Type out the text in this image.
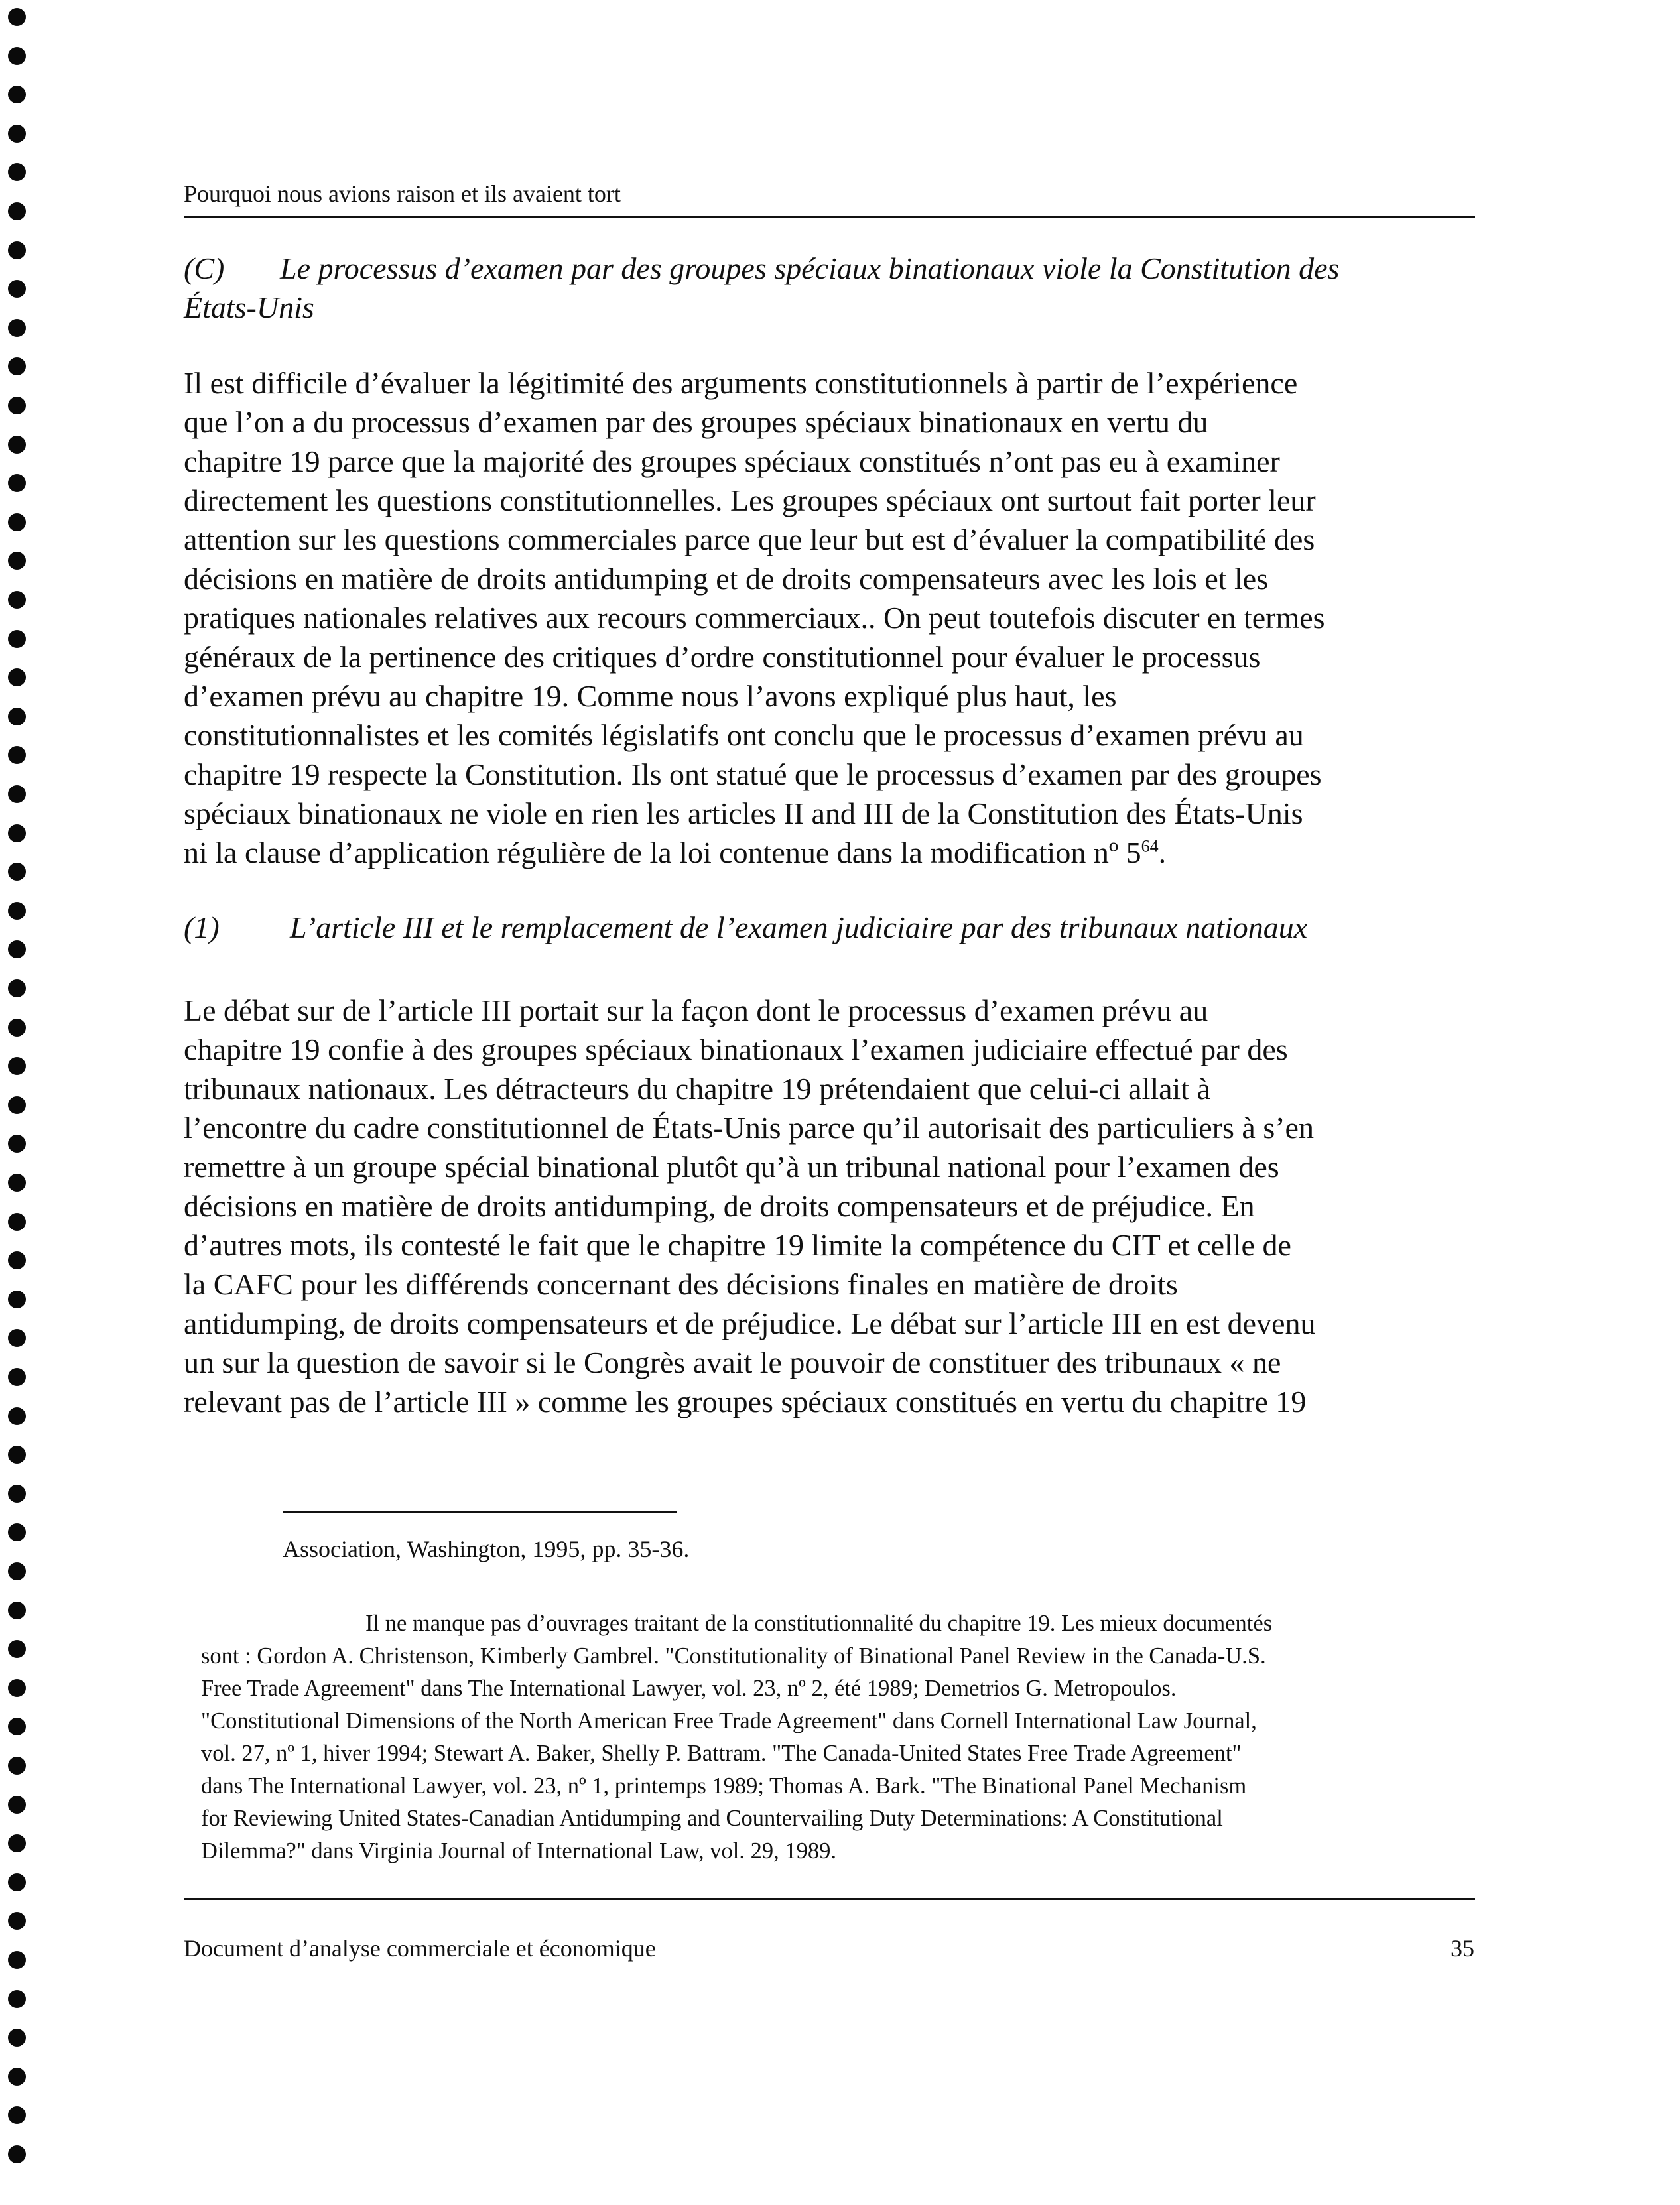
Pourquoi nous avions raison et ils avaient tort

(C) Le processus d’examen par des groupes spéciaux binationaux viole la Constitution des

États-Unis

Il est difficile d’évaluer la légitimité des arguments constitutionnels à partir de l’expérience

que l’on a du processus d’examen par des groupes spéciaux binationaux en vertu du

chapitre 19 parce que la majorité des groupes spéciaux constitués n’ont pas eu à examiner

directement les questions constitutionnelles. Les groupes spéciaux ont surtout fait porter leur

attention sur les questions commerciales parce que leur but est d’évaluer la compatibilité des

décisions en matière de droits antidumping et de droits compensateurs avec les lois et les

pratiques nationales relatives aux recours commerciaux.. On peut toutefois discuter en termes

généraux de la pertinence des critiques d’ordre constitutionnel pour évaluer le processus

d’examen prévu au chapitre 19. Comme nous l’avons expliqué plus haut, les

constitutionnalistes et les comités législatifs ont conclu que le processus d’examen prévu au

chapitre 19 respecte la Constitution. Ils ont statué que le processus d’examen par des groupes

spéciaux binationaux ne viole en rien les articles II and III de la Constitution des États-Unis

ni la clause d’application régulière de la loi contenue dans la modification nº $5^{64}$.

(1) L’article III et le remplacement de l’examen judiciaire par des tribunaux nationaux

Le débat sur de l’article III portait sur la façon dont le processus d’examen prévu au

chapitre 19 confie à des groupes spéciaux binationaux l’examen judiciaire effectué par des

tribunaux nationaux. Les détracteurs du chapitre 19 prétendaient que celui-ci allait à

l’encontre du cadre constitutionnel de États-Unis parce qu’il autorisait des particuliers à s’en

remettre à un groupe spécial binational plutôt qu’à un tribunal national pour l’examen des

décisions en matière de droits antidumping, de droits compensateurs et de préjudice. En

d’autres mots, ils contesté le fait que le chapitre 19 limite la compétence du CIT et celle de

la CAFC pour les différends concernant des décisions finales en matière de droits

antidumping, de droits compensateurs et de préjudice. Le débat sur l’article III en est devenu

un sur la question de savoir si le Congrès avait le pouvoir de constituer des tribunaux « ne

relevant pas de l’article III » comme les groupes spéciaux constitués en vertu du chapitre 19

Association, Washington, 1995, pp. 35-36.
Il ne manque pas d’ouvrages traitant de la constitutionnalité du chapitre 19. Les mieux documentés
sont : Gordon A. Christenson, Kimberly Gambrel. "Constitutionality of Binational Panel Review in the Canada-U.S.
Free Trade Agreement" dans The International Lawyer, vol. 23, nº 2, été 1989; Demetrios G. Metropoulos.
"Constitutional Dimensions of the North American Free Trade Agreement" dans Cornell International Law Journal,
vol. 27, nº 1, hiver 1994; Stewart A. Baker, Shelly P. Battram. "The Canada-United States Free Trade Agreement"
dans The International Lawyer, vol. 23, nº 1, printemps 1989; Thomas A. Bark. "The Binational Panel Mechanism
for Reviewing United States-Canadian Antidumping and Countervailing Duty Determinations: A Constitutional
Dilemma?" dans Virginia Journal of International Law, vol. 29, 1989.
Document d’analyse commerciale et économique	35
